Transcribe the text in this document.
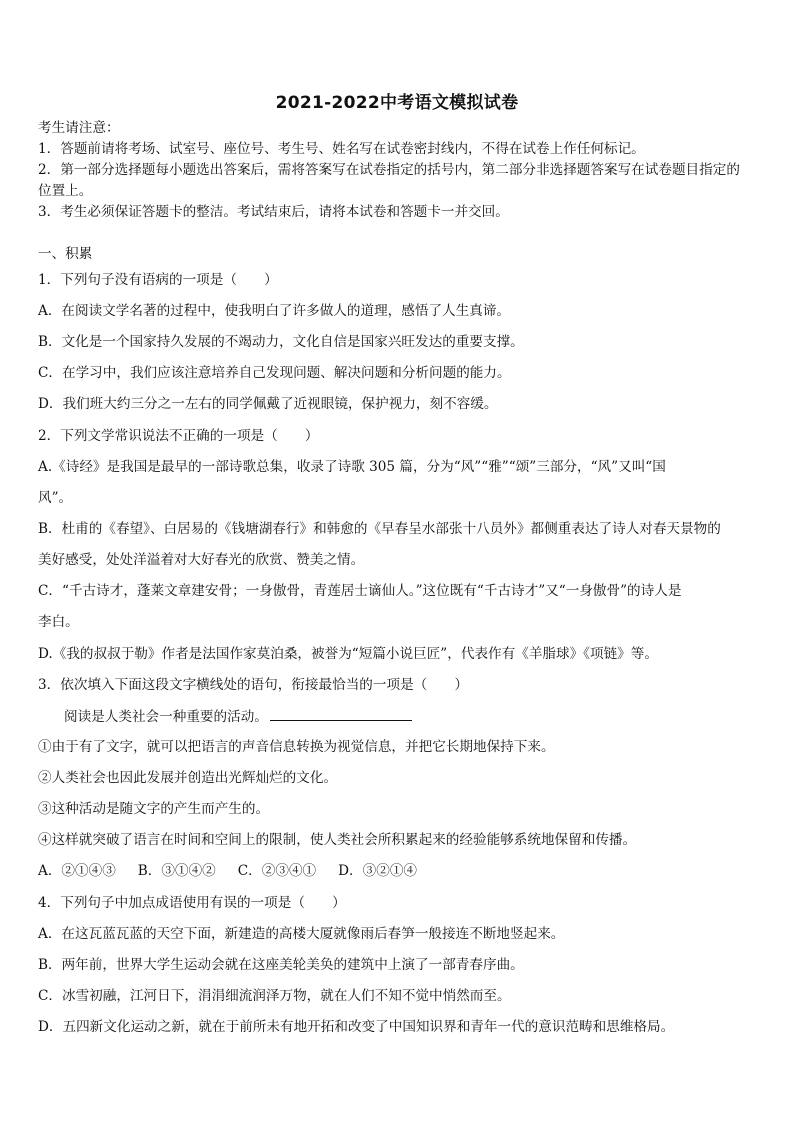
2021-2022中考语文模拟试卷
考生请注意：
1．答题前请将考场、试室号、座位号、考生号、姓名写在试卷密封线内，不得在试卷上作任何标记。
2．第一部分选择题每小题选出答案后，需将答案写在试卷指定的括号内，第二部分非选择题答案写在试卷题目指定的
位置上。
3．考生必须保证答题卡的整洁。考试结束后，请将本试卷和答题卡一并交回。
一、积累
1．下列句子没有语病的一项是（　　）
A．在阅读文学名著的过程中，使我明白了许多做人的道理，感悟了人生真谛。
B．文化是一个国家持久发展的不竭动力，文化自信是国家兴旺发达的重要支撑。
C．在学习中，我们应该注意培养自己发现问题、解决问题和分析问题的能力。
D．我们班大约三分之一左右的同学佩戴了近视眼镜，保护视力，刻不容缓。
2．下列文学常识说法不正确的一项是（　　）
A.《诗经》是我国是最早的一部诗歌总集，收录了诗歌 305 篇，分为“风”“雅”“颂”三部分，“风”又叫“国
风”。
B．杜甫的《春望》、白居易的《钱塘湖春行》和韩愈的《早春呈水部张十八员外》都侧重表达了诗人对春天景物的
美好感受，处处洋溢着对大好春光的欣赏、赞美之情。
C．“千古诗才，蓬莱文章建安骨；一身傲骨，青莲居士谪仙人。”这位既有“千古诗才”又“一身傲骨”的诗人是
李白。
D.《我的叔叔于勒》作者是法国作家莫泊桑，被誉为“短篇小说巨匠”，代表作有《羊脂球》《项链》等。
3．依次填入下面这段文字横线处的语句，衔接最恰当的一项是（　　）
阅读是人类社会一种重要的活动。
①由于有了文字，就可以把语言的声音信息转换为视觉信息，并把它长期地保持下来。
②人类社会也因此发展并创造出光辉灿烂的文化。
③这种活动是随文字的产生而产生的。
④这样就突破了语言在时间和空间上的限制，使人类社会所积累起来的经验能够系统地保留和传播。
A．②①④③ B．③①④② C．②③④① D．③②①④
4．下列句子中加点成语使用有误的一项是（　　）
A．在这瓦蓝瓦蓝的天空下面，新建造的高楼大厦就像雨后春笋一般接连不断地竖起来。
B．两年前，世界大学生运动会就在这座美轮美奂的建筑中上演了一部青春序曲。
C．冰雪初融，江河日下，涓涓细流润泽万物，就在人们不知不觉中悄然而至。
D．五四新文化运动之新，就在于前所未有地开拓和改变了中国知识界和青年一代的意识范畴和思维格局。
